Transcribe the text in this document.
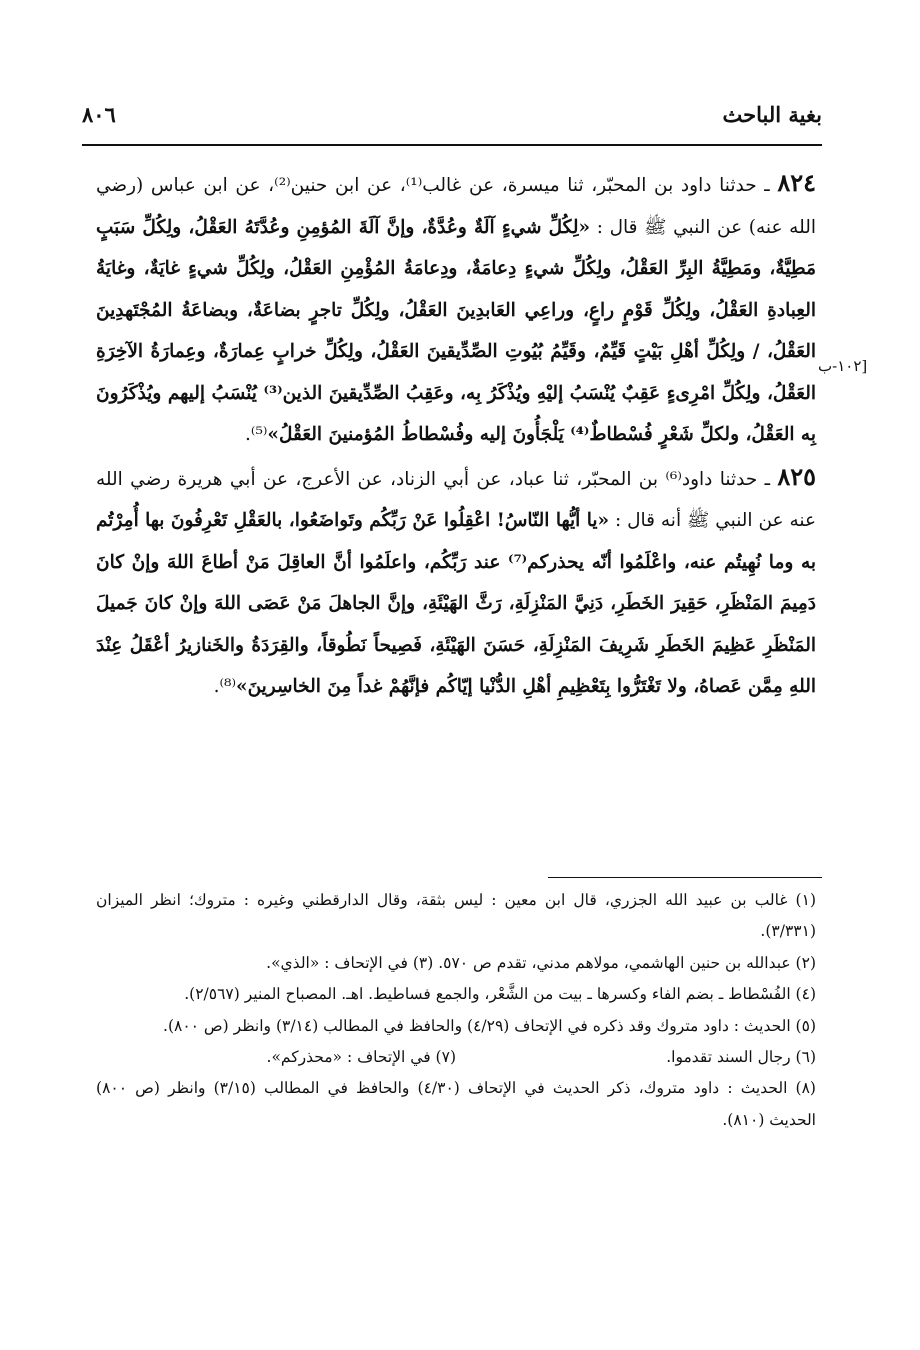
بغية الباحث
٨٠٦
[١٠٢-ب

٨٢٤ ـ حدثنا داود بن المحبّر، ثنا ميسرة، عن غالب⁽¹⁾، عن ابن حنين⁽²⁾، عن ابن عباس (رضي الله عنه) عن النبي ﷺ قال : «لِكُلِّ شيءٍ آلَةٌ وعُدَّةٌ، وإنَّ آلَةَ المُؤمِنِ وعُدَّتَهُ العَقْلُ، ولِكُلِّ سَبَبٍ مَطِيَّةٌ، ومَطِيَّةُ البِرِّ العَقْلُ، ولِكُلِّ شيءٍ دِعامَةٌ، ودِعامَةُ المُؤْمِنِ العَقْلُ، ولِكُلِّ شيءٍ غايَةٌ، وغايَةُ العِبادةِ العَقْلُ، ولِكُلِّ قَوْمٍ راعٍ، وراعِي العَابدِينَ العَقْلُ، ولِكُلِّ تاجرٍ بضاعَةٌ، وبضاعَةُ المُجْتَهدِينَ العَقْلُ، / ولِكُلِّ أهْلِ بَيْتٍ قَيِّمٌ، وقَيِّمُ بُيُوتِ الصِّدِّيقينَ العَقْلُ، ولِكُلِّ خرابٍ عِمارَةٌ، وعِمارَةُ الآخِرَةِ العَقْلُ، ولِكُلِّ امْرِىءٍ عَقِبٌ يُنْسَبُ إليْهِ ويُذْكَرُ بِه، وعَقِبُ الصِّدِّيقينَ الذين⁽³⁾ يُنْسَبُ إليهم ويُذْكَرُونَ بِه العَقْلُ، ولكلِّ شَعْرٍ فُسْطاطٌ⁽⁴⁾ يَلْجَأُونَ إليه وفُسْطاطُ المُؤمنينَ العَقْلُ»⁽⁵⁾.

٨٢٥ ـ حدثنا داود⁽⁶⁾ بن المحبّر، ثنا عباد، عن أبي الزناد، عن الأعرج، عن أبي هريرة رضي الله عنه عن النبي ﷺ أنه قال : «يا أيُّها النّاسُ! اعْقِلُوا عَنْ رَبِّكُم وتَواضَعُوا، بالعَقْلِ تَعْرِفُونَ بها أُمِرْتُم به وما نُهِيتُم عنه، واعْلَمُوا أنّه يحذركم⁽⁷⁾ عند رَبِّكُم، واعلَمُوا أنَّ العاقِلَ مَنْ أطاعَ اللهَ وإنْ كانَ دَمِيمَ المَنْظَرِ، حَقِيرَ الخَطَرِ، دَنِيَّ المَنْزِلَةِ، رَثَّ الهَيْئَةِ، وإنَّ الجاهلَ مَنْ عَصَى اللهَ وإنْ كانَ جَميلَ المَنْظَرِ عَظِيمَ الخَطَرِ شَرِيفَ المَنْزِلَةِ، حَسَنَ الهَيْئَةِ، فَصِيحاً نَطُوقاً، والقِرَدَةُ والخَنازيرُ أعْقَلُ عِنْدَ اللهِ مِمَّن عَصاهُ، ولا تَغْتَرُّوا بِتَعْظِيمِ أهْلِ الدُّنْيا إيّاكُم فإنَّهُمْ غداً مِنَ الخاسِرينَ»⁽⁸⁾.

(١) غالب بن عبيد الله الجزري، قال ابن معين : ليس بثقة، وقال الدارقطني وغيره : متروك؛ انظر الميزان (٣/٣٣١).

(٢) عبدالله بن حنين الهاشمي، مولاهم مدني، تقدم ص ٥٧٠. (٣) في الإتحاف : «الذي».

(٤) الفُسْطاط ـ بضم الفاء وكسرها ـ بيت من الشَّعْر، والجمع فساطيط. اهـ. المصباح المنير (٢/٥٦٧).

(٥) الحديث : داود متروك وقد ذكره في الإتحاف (٤/٢٩) والحافظ في المطالب (٣/١٤) وانظر (ص ٨٠٠).

(٦) رجال السند تقدموا.
(٧) في الإتحاف : «محذركم».

(٨) الحديث : داود متروك، ذكر الحديث في الإتحاف (٤/٣٠) والحافظ في المطالب (٣/١٥) وانظر (ص ٨٠٠) الحديث (٨١٠).
